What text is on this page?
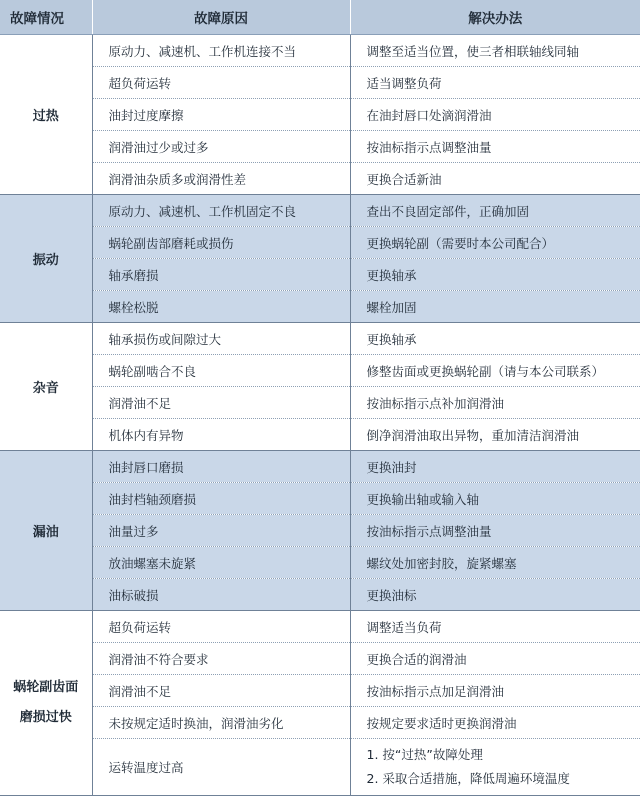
故障情况	故障原因	解决办法
过热	原动力、减速机、工作机连接不当	调整至适当位置，使三者相联轴线同轴
	超负荷运转	适当调整负荷
	油封过度摩擦	在油封唇口处滴润滑油
	润滑油过少或过多	按油标指示点调整油量
	润滑油杂质多或润滑性差	更换合适新油
振动	原动力、减速机、工作机固定不良	查出不良固定部件，正确加固
	蜗轮副齿部磨耗或损伤	更换蜗轮副（需要时本公司配合）
	轴承磨损	更换轴承
	螺栓松脱	螺栓加固
杂音	轴承损伤或间隙过大	更换轴承
	蜗轮副啮合不良	修整齿面或更换蜗轮副（请与本公司联系）
	润滑油不足	按油标指示点补加润滑油
	机体内有异物	倒净润滑油取出异物，重加清洁润滑油
漏油	油封唇口磨损	更换油封
	油封档轴颈磨损	更换输出轴或输入轴
	油量过多	按油标指示点调整油量
	放油螺塞未旋紧	螺纹处加密封胶，旋紧螺塞
	油标破损	更换油标

蜗轮副齿面
磨损过快	超负荷运转	调整适当负荷
	润滑油不符合要求	更换合适的润滑油
	润滑油不足	按油标指示点加足润滑油
	未按规定适时换油，润滑油劣化	按规定要求适时更换润滑油
	运转温度过高	1. 按“过热”故障处理
2. 采取合适措施，降低周遍环境温度
